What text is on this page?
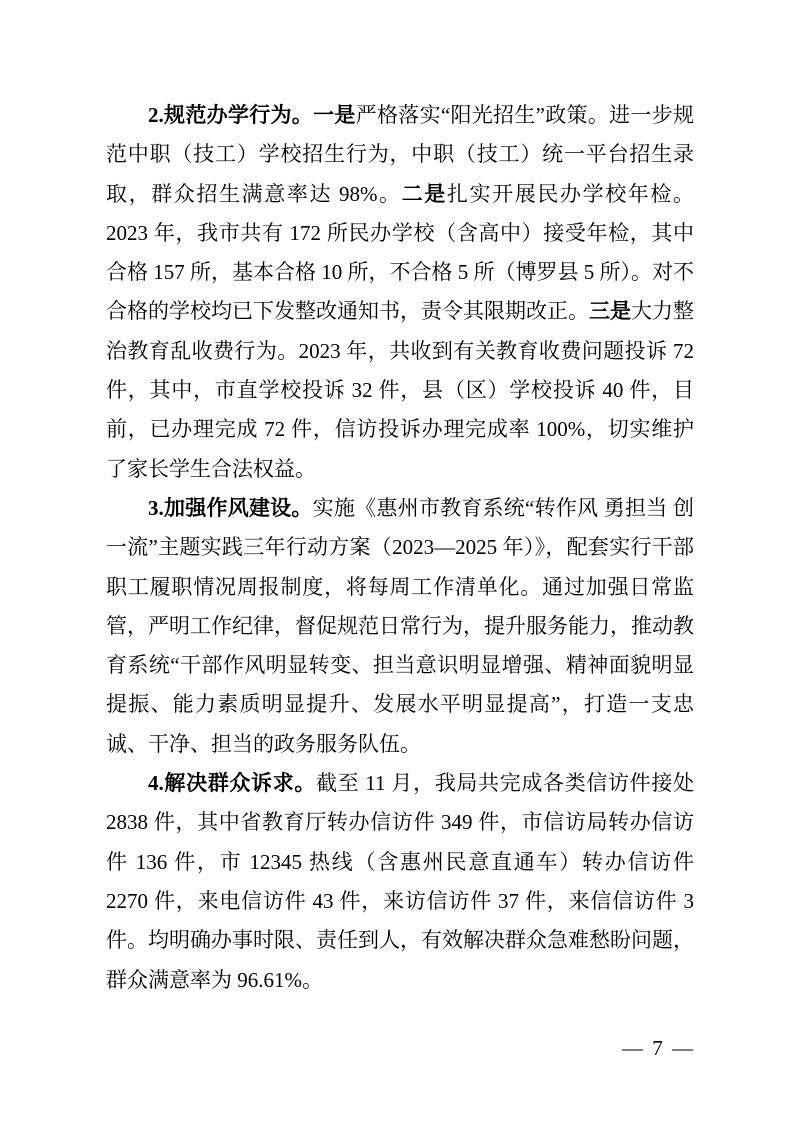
2.规范办学行为。一是严格落实“阳光招生”政策。进一步规范中职（技工）学校招生行为，中职（技工）统一平台招生录取，群众招生满意率达 98%。二是扎实开展民办学校年检。2023 年，我市共有 172 所民办学校（含高中）接受年检，其中合格 157 所，基本合格 10 所，不合格 5 所（博罗县 5 所）。对不合格的学校均已下发整改通知书，责令其限期改正。三是大力整治教育乱收费行为。2023 年，共收到有关教育收费问题投诉 72 件，其中，市直学校投诉 32 件，县（区）学校投诉 40 件，目前，已办理完成 72 件，信访投诉办理完成率 100%，切实维护了家长学生合法权益。

3.加强作风建设。实施《惠州市教育系统“转作风 勇担当 创一流”主题实践三年行动方案（2023—2025 年）》，配套实行干部职工履职情况周报制度，将每周工作清单化。通过加强日常监管，严明工作纪律，督促规范日常行为，提升服务能力，推动教育系统“干部作风明显转变、担当意识明显增强、精神面貌明显提振、能力素质明显提升、发展水平明显提高”，打造一支忠诚、干净、担当的政务服务队伍。

4.解决群众诉求。截至 11 月，我局共完成各类信访件接处 2838 件，其中省教育厅转办信访件 349 件，市信访局转办信访件 136 件，市 12345 热线（含惠州民意直通车）转办信访件 2270 件，来电信访件 43 件，来访信访件 37 件，来信信访件 3 件。均明确办事时限、责任到人，有效解决群众急难愁盼问题，群众满意率为 96.61%。

— 7 —
